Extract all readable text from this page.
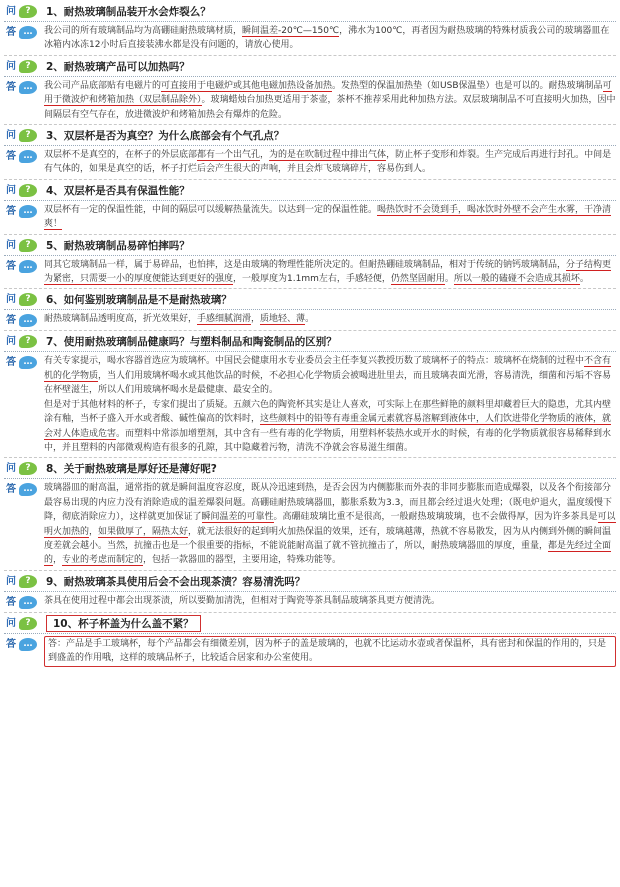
问 ? 1、耐热玻璃制品装开水会炸裂么？
答 … 我公司的所有玻璃制品均为高硼硅耐热玻璃材质，瞬间温差-20℃—150℃，沸水为100℃，再者因为耐热玻璃的特殊材质我公司的玻璃器皿在冰箱内冰冻12小时后直接装沸水都是没有问题的，请放心使用。

问 ? 2、耐热玻璃产品可以加热吗？
答 … 我公司产品底部贴有电磁片的可直接用于电磁炉或其他电磁加热设备加热。发热型的保温加热垫（如USB保温垫）也是可以的。耐热玻璃制品可用于微波炉和烤箱加热（双层制品除外）。玻璃蜡烛台加热更适用于茶壶，茶杯不推荐采用此种加热方法。双层玻璃制品不可直接明火加热，因中间隔层有空气存在，放进微波炉和烤箱加热会有爆炸的危险。

问 ? 3、双层杯是否为真空？为什么底部会有个气孔点？
答 … 双层杯不是真空的，在杯子的外层底部都有一个出气孔，为的是在吹制过程中排出气体，防止杯子变形和炸裂。生产完成后再进行封孔。中间是有气体的，如果是真空的话，杯子打烂后会产生很大的声响，并且会炸飞玻璃碎片，容易伤到人。

问 ? 4、双层杯是否具有保温性能？
答 … 双层杯有一定的保温性能，中间的隔层可以缓解热量流失。以达到一定的保温性能。喝热饮时不会烫到手，喝冰饮时外壁不会产生水雾，干净清爽！

问 ? 5、耐热玻璃制品易碎怕摔吗？
答 … 同其它玻璃制品一样，属于易碎品，也怕摔，这是由玻璃的物理性能所决定的。但耐热硼硅玻璃制品，相对于传统的钠钙玻璃制品，分子结构更为紧密，只需要一小的厚度便能达到更好的强度，一般厚度为1.1mm左右，手感轻便，仍然坚固耐用。所以一般的磕碰不会造成其损坏。

问 ? 6、如何鉴别玻璃制品是不是耐热玻璃？
答 … 耐热玻璃制品透明度高，折光效果好，手感细腻润滑，质地轻、薄。

问 ? 7、使用耐热玻璃制品健康吗？与塑料制品和陶瓷制品的区别？
答 … 有关专家提示，喝水容器首选应为玻璃杯。中国民会健康用水专业委员会主任李复兴教授历数了玻璃杯子的特点：玻璃杯在烧制的过程中不含有机的化学物质，当人们用玻璃杯喝水或其他饮品的时候，不必担心化学物质会被喝进肚里去，而且玻璃表面光滑，容易清洗，细菌和污垢不容易在杯壁滋生，所以人们用玻璃杯喝水是最健康、最安全的。

但是对于其他材料的杯子，专家们提出了质疑。五颜六色的陶瓷杯其实是让人喜欢，可实际上在那些鲜艳的颜料里却藏着巨大的隐患，尤其内壁涂有釉，当杯子盛入开水或者酸、碱性偏高的饮料时，这些颜料中的铅等有毒重金属元素就容易溶解到液体中，人们饮进带化学物质的液体，就会对人体造成危害。而塑料中常添加增塑剂，其中含有一些有毒的化学物质，用塑料杯装热水或开水的时候，有毒的化学物质就很容易稀释到水中，并且塑料的内部微观构造有很多的孔隙，其中隐藏着污物，清洗不净就会容易滋生细菌。

问 ? 8、关于耐热玻璃是厚好还是薄好呢?
答 … 玻璃器皿的耐高温，通常指的就是瞬间温度容忍度，既从冷迅速到热，是否会因为内侧膨胀而外表的非同步膨胀而造成爆裂，以及各个衔接部分最容易出现的内应力没有消除造成的温差爆裂问题。高硼硅耐热玻璃器皿，膨胀系数为3.3，而且都会经过退火处理；（既电炉退火，温度缓慢下降，彻底消除应力），这样就更加保证了瞬间温差的可靠性。高硼硅玻璃比重不是很高，一般耐热玻璃玻璃，也不会做得厚，因为许多茶具是可以明火加热的，如果做厚了，隔热太好，就无法很好的起到明火加热保温的效果，还有，玻璃越薄，热就不容易散发，因为从内侧到外侧的瞬间温度差就会越小。当然，抗撞击也是一个很重要的指标，不能说能耐高温了就不管抗撞击了，所以，耐热玻璃器皿的厚度，重量，都是先经过全面的，专业的考虑而制定的，包括一款器皿的器型，主要用途，特殊功能等。

问 ? 9、耐热玻璃茶具使用后会不会出现茶渍？容易清洗吗？
答 … 茶具在使用过程中都会出现茶渍，所以要勤加清洗，但相对于陶瓷等茶具制品玻璃茶具更方便清洗。

问 ?	10、杯子杯盖为什么盖不紧？
答 … 答：产品是手工玻璃杯，每个产品都会有细微差别，因为杯子的盖是玻璃的，也就不比运动水壶或者保温杯，具有密封和保温的作用的，只是到盛盖的作用哦，这样的玻璃品杯子，比较适合居家和办公室使用。
